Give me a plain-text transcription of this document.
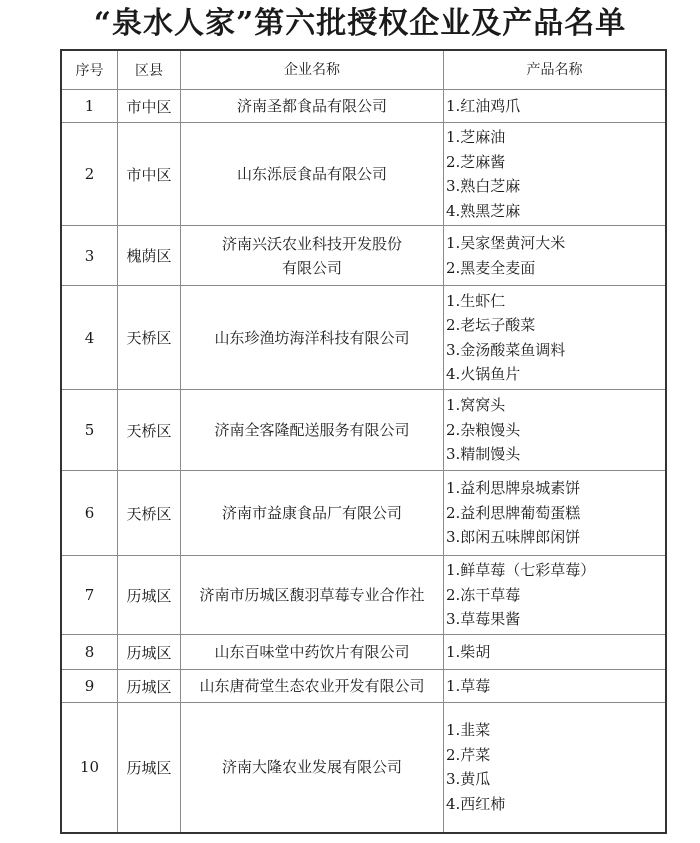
“泉水人家”第六批授权企业及产品名单
序号	区县	企业名称	产品名称
1	市中区	济南圣都食品有限公司	1.红油鸡爪

2	市中区	山东泺辰食品有限公司	1.芝麻油
2.芝麻酱
3.熟白芝麻
4.熟黑芝麻

3	槐荫区	济南兴沃农业科技开发股份
有限公司	1.吴家堡黄河大米
2.黑麦全麦面

4	天桥区	山东珍渔坊海洋科技有限公司	1.生虾仁
2.老坛子酸菜
3.金汤酸菜鱼调料
4.火锅鱼片

5	天桥区	济南全客隆配送服务有限公司	1.窝窝头
2.杂粮馒头
3.精制馒头

6	天桥区	济南市益康食品厂有限公司	1.益利思牌泉城素饼
2.益利思牌葡萄蛋糕
3.郎闲五味牌郎闲饼

7	历城区	济南市历城区馥羽草莓专业合作社	1.鲜草莓（七彩草莓）
2.冻干草莓
3.草莓果酱

8	历城区	山东百味堂中药饮片有限公司	1.柴胡

9	历城区	山东唐荷堂生态农业开发有限公司	1.草莓

10	历城区	济南大隆农业发展有限公司	1.韭菜
2.芹菜
3.黄瓜
4.西红柿
